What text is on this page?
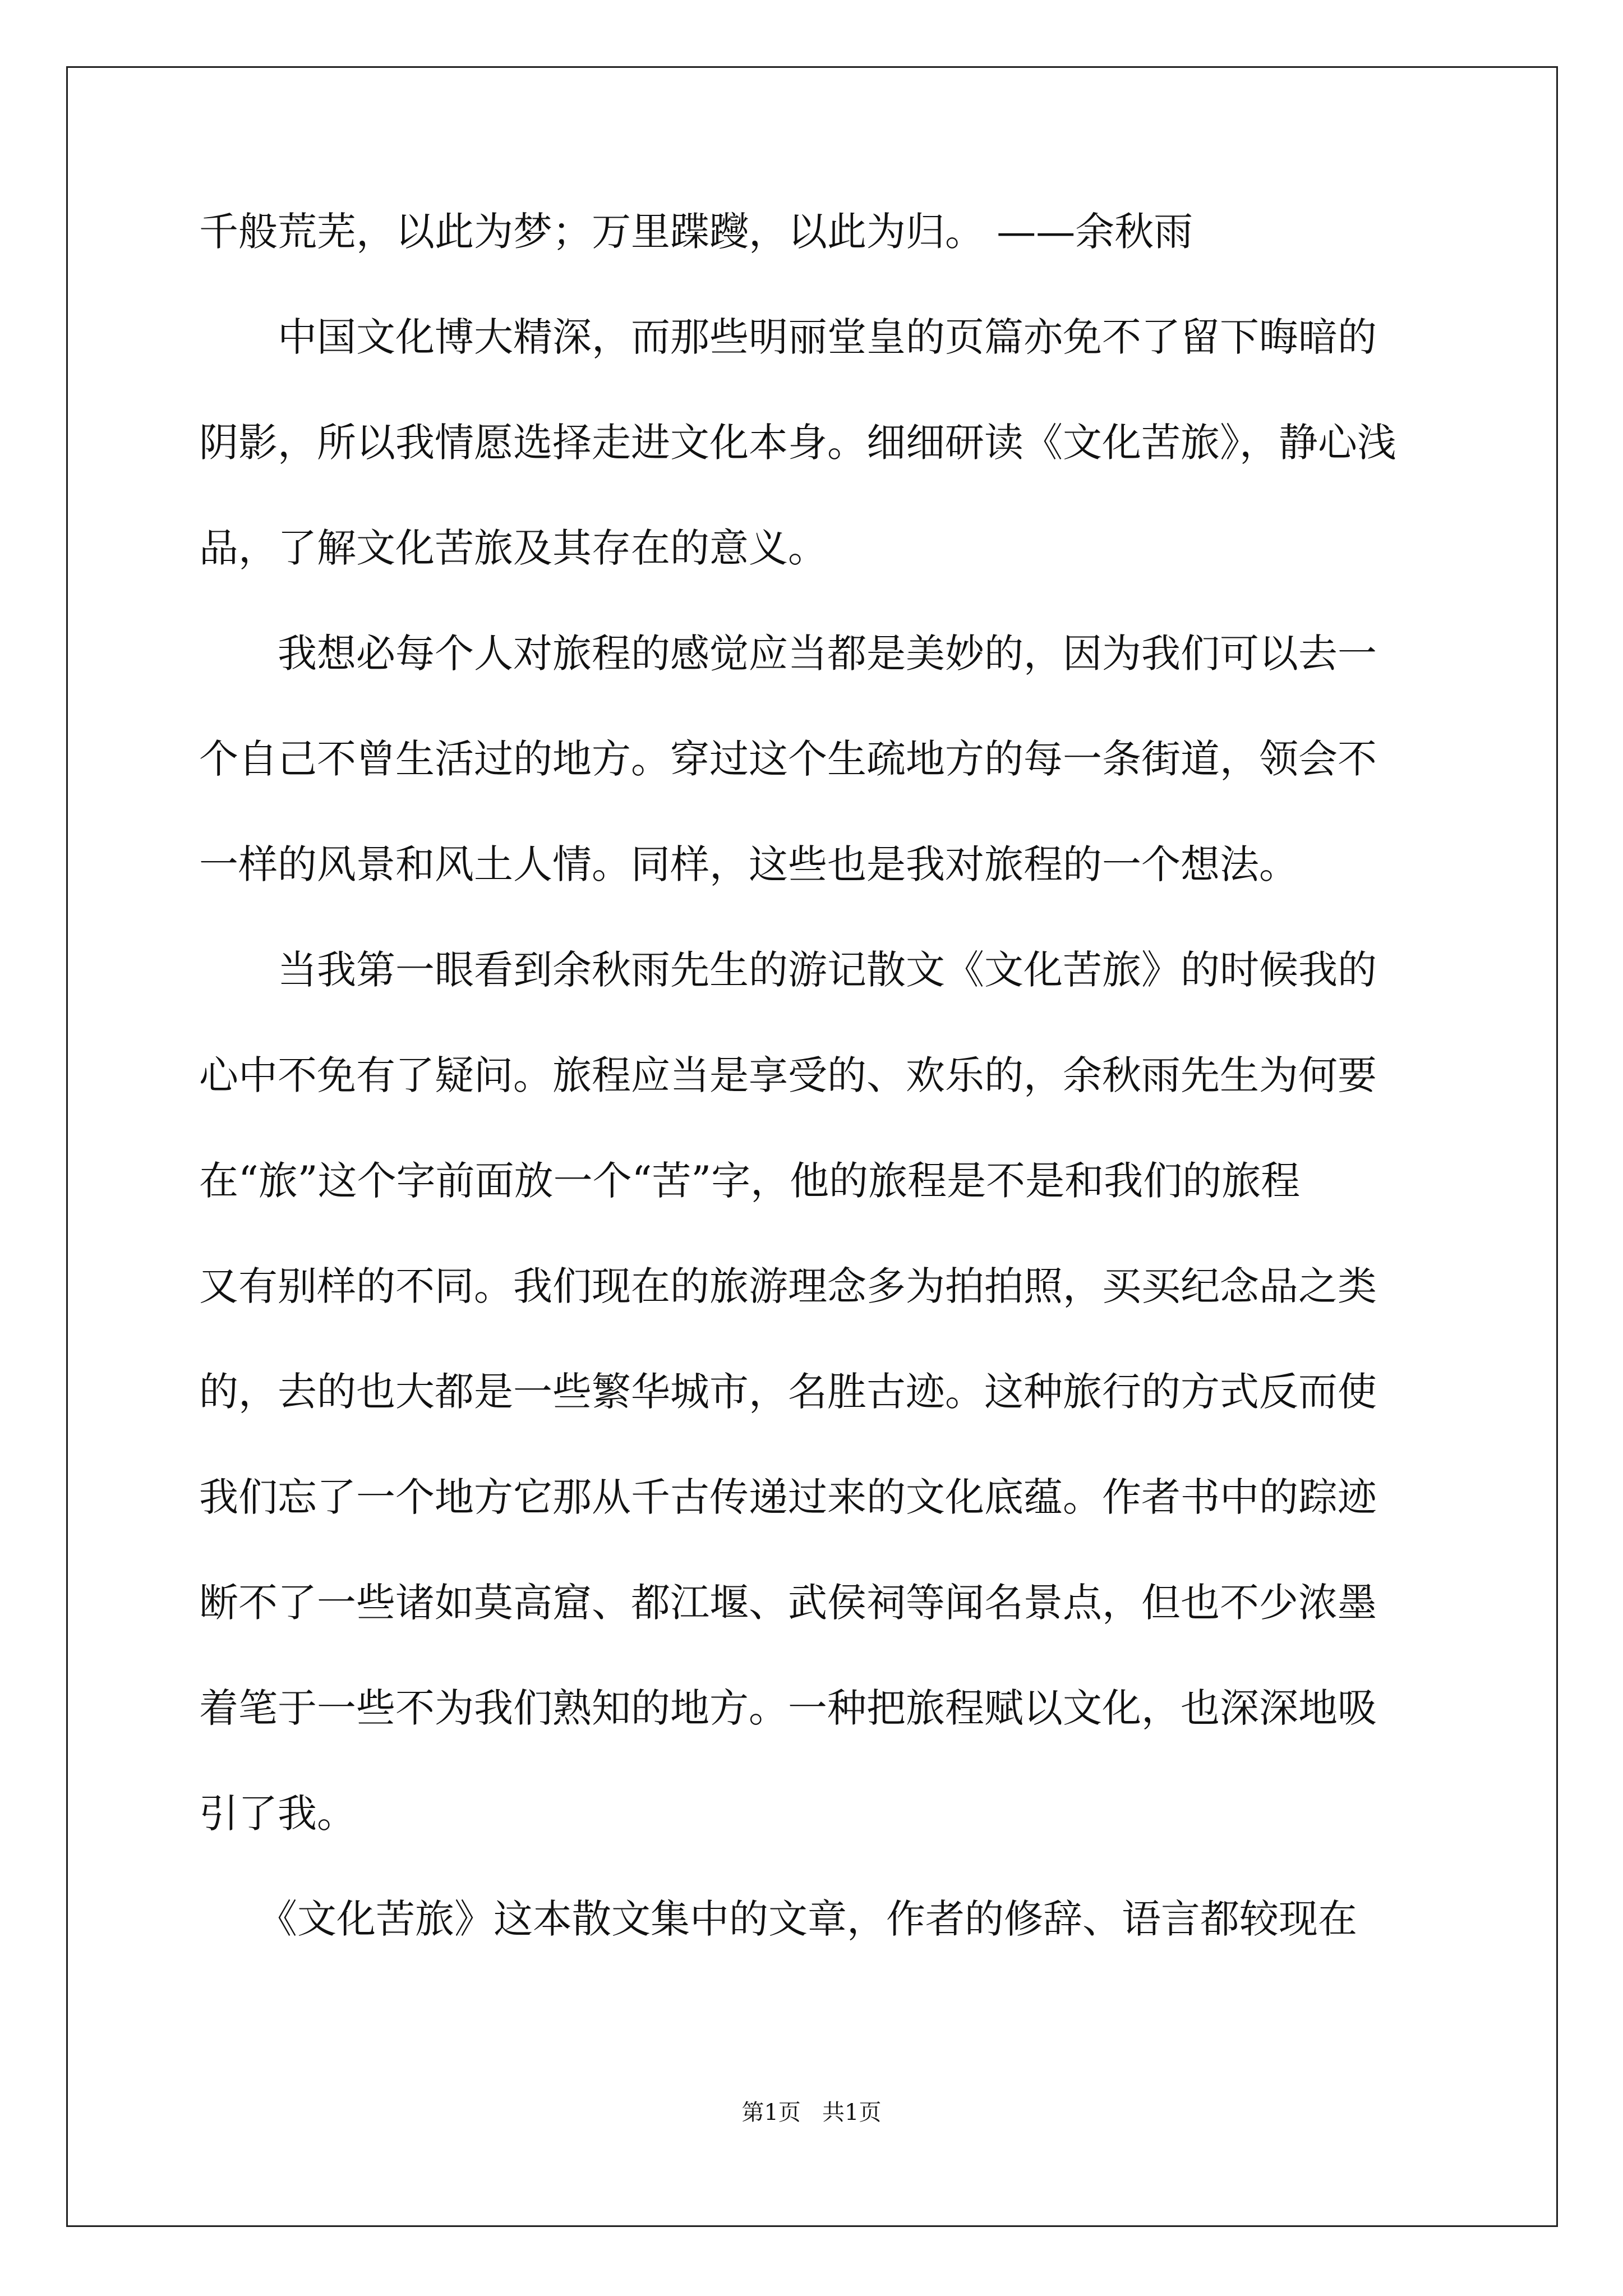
千般荒芜，以此为梦；万里蹀躞，以此为归。 ——余秋雨

　　中国文化博大精深，而那些明丽堂皇的页篇亦免不了留下晦暗的

阴影，所以我情愿选择走进文化本身。细细研读《文化苦旅》，静心浅

品，了解文化苦旅及其存在的意义。

　　我想必每个人对旅程的感觉应当都是美妙的，因为我们可以去一

个自己不曾生活过的地方。穿过这个生疏地方的每一条街道，领会不

一样的风景和风土人情。同样，这些也是我对旅程的一个想法。

　　当我第一眼看到余秋雨先生的游记散文《文化苦旅》的时候我的

心中不免有了疑问。旅程应当是享受的、欢乐的，余秋雨先生为何要

在“旅”这个字前面放一个“苦”字，他的旅程是不是和我们的旅程

又有别样的不同。我们现在的旅游理念多为拍拍照，买买纪念品之类

的，去的也大都是一些繁华城市，名胜古迹。这种旅行的方式反而使

我们忘了一个地方它那从千古传递过来的文化底蕴。作者书中的踪迹

断不了一些诸如莫高窟、都江堰、武侯祠等闻名景点，但也不少浓墨

着笔于一些不为我们熟知的地方。一种把旅程赋以文化，也深深地吸

引了我。

　　《文化苦旅》这本散文集中的文章，作者的修辞、语言都较现在

第1页   共1页
